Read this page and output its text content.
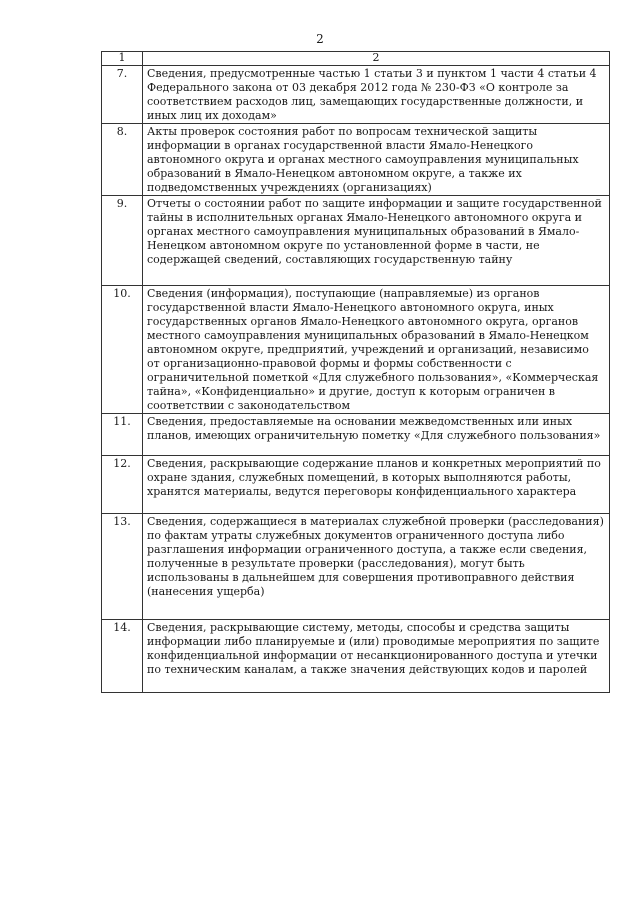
2
1	2
7.	Сведения, предусмотренные частью 1 статьи 3 и пунктом 1 части 4 статьи 4 Федерального закона от 03 декабря 2012 года № 230-ФЗ «О контроле за соответствием расходов лиц, замещающих государственные должности, и иных лиц их доходам»
8.	Акты проверок состояния работ по вопросам технической защиты информации в органах государственной власти Ямало-Ненецкого автономного округа и органах местного самоуправления муниципальных образований в Ямало-Ненецком автономном округе, а также их подведомственных учреждениях (организациях)
9.	Отчеты о состоянии работ по защите информации и защите государственной тайны в исполнительных органах Ямало-Ненецкого автономного округа и органах местного самоуправления муниципальных образований в Ямало-Ненецком автономном округе по установленной форме в части, не содержащей сведений, составляющих государственную тайну
10.	Сведения (информация), поступающие (направляемые) из органов государственной власти Ямало-Ненецкого автономного округа, иных государственных органов Ямало-Ненецкого автономного округа, органов местного самоуправления муниципальных образований в Ямало-Ненецком автономном округе, предприятий, учреждений и организаций, независимо от организационно-правовой формы и формы собственности с ограничительной пометкой «Для служебного пользования», «Коммерческая тайна», «Конфиденциально» и другие, доступ к которым ограничен в соответствии с законодательством
11.	Сведения, предоставляемые на основании межведомственных или иных планов, имеющих ограничительную пометку «Для служебного пользования»
12.	Сведения, раскрывающие содержание планов и конкретных мероприятий по охране здания, служебных помещений, в которых выполняются работы, хранятся материалы, ведутся переговоры конфиденциального характера
13.	Сведения, содержащиеся в материалах служебной проверки (расследования) по фактам утраты служебных документов ограниченного доступа либо разглашения информации ограниченного доступа, а также если сведения, полученные в результате проверки (расследования), могут быть использованы в дальнейшем для совершения противоправного действия (нанесения ущерба)
14.	Сведения, раскрывающие систему, методы, способы и средства защиты информации либо планируемые и (или) проводимые мероприятия по защите конфиденциальной информации от несанкционированного доступа и утечки по техническим каналам, а также значения действующих кодов и паролей
